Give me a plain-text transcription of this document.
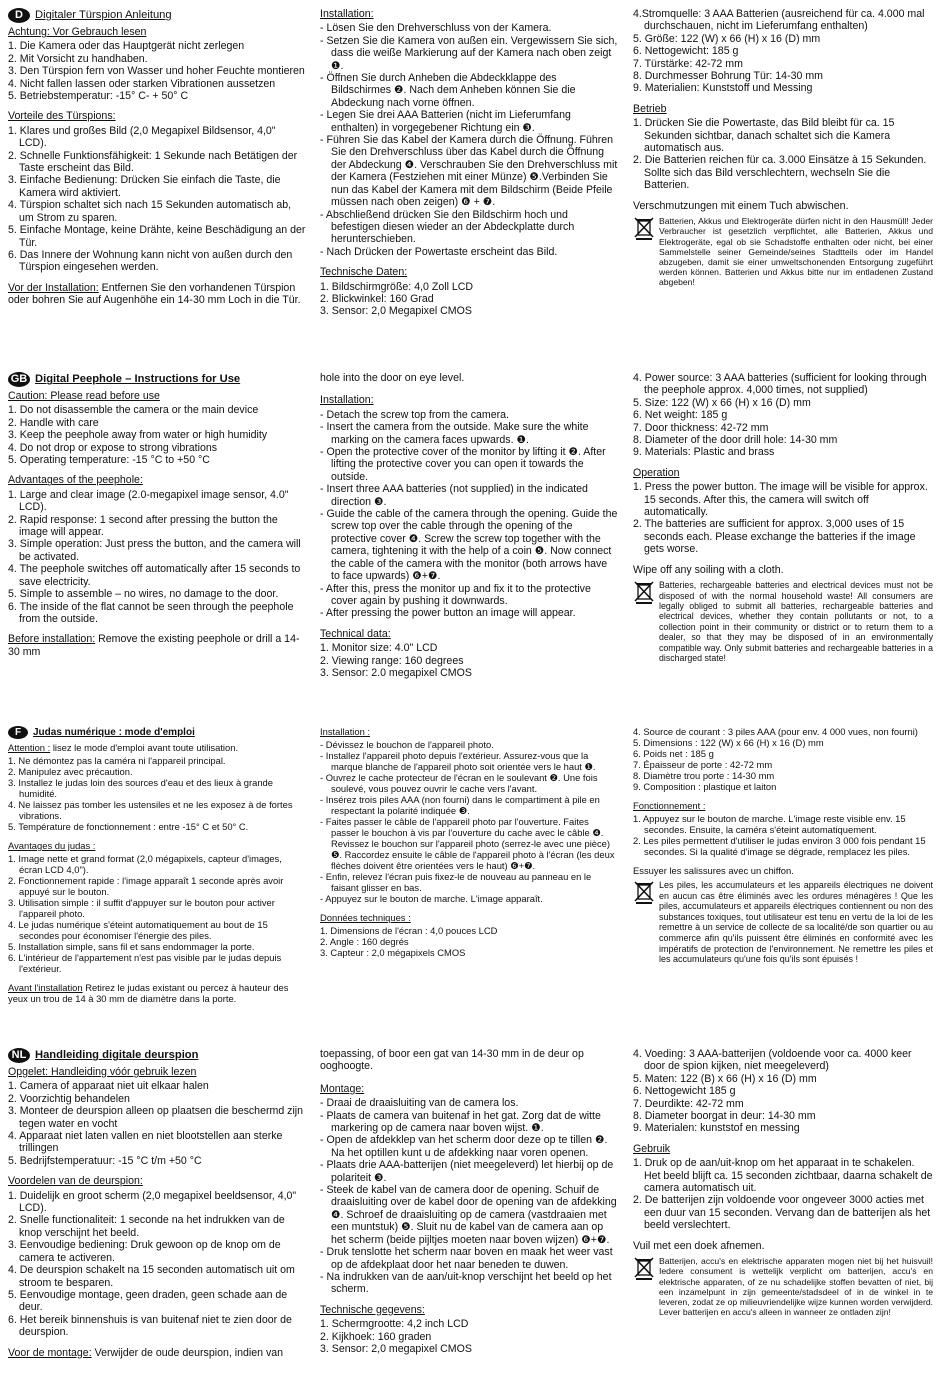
D	Digitaler Türspion Anleitung

Achtung: Vor Gebrauch lesen

1. Die Kamera oder das Hauptgerät nicht zerlegen
2. Mit Vorsicht zu handhaben.
3. Den Türspion fern von Wasser und hoher Feuchte montieren
4. Nicht fallen lassen oder starken Vibrationen aussetzen
5. Betriebstemperatur: -15° C- + 50° C

Vorteile des Türspions:

1. Klares und großes Bild (2,0 Megapixel Bildsensor, 4,0" LCD).
2. Schnelle Funktionsfähigkeit: 1 Sekunde nach Betätigen der Taste erscheint das Bild.
3. Einfache Bedienung: Drücken Sie einfach die Taste, die Kamera wird aktiviert.
4. Türspion schaltet sich nach 15 Sekunden automatisch ab, um Strom zu sparen.
5. Einfache Montage, keine Drähte, keine Beschädigung an der Tür.
6. Das Innere der Wohnung kann nicht von außen durch den Türspion eingesehen werden.

Vor der Installation: Entfernen Sie den vorhandenen Türspion oder bohren Sie auf Augenhöhe ein 14-30 mm Loch in die Tür.

Installation:

- Lösen Sie den Drehverschluss von der Kamera.
- Setzen Sie die Kamera von außen ein. Vergewissern Sie sich, dass die weiße Markierung auf der Kamera nach oben zeigt ❶.
- Öffnen Sie durch Anheben die Abdeckklappe des Bildschirmes ❷. Nach dem Anheben können Sie die Abdeckung nach vorne öffnen.
- Legen Sie drei AAA Batterien (nicht im Lieferumfang enthalten) in vorgegebener Richtung ein ❸.
- Führen Sie das Kabel der Kamera durch die Öffnung. Führen Sie den Drehverschluss über das Kabel durch die Öffnung der Abdeckung ❹. Verschrauben Sie den Drehverschluss mit der Kamera (Festziehen mit einer Münze) ❺.Verbinden Sie nun das Kabel der Kamera mit dem Bildschirm (Beide Pfeile müssen nach oben zeigen) ❻ + ❼.
- Abschließend drücken Sie den Bildschirm hoch und befestigen diesen wieder an der Abdeckplatte durch herunterschieben.
- Nach Drücken der Powertaste erscheint das Bild.

Technische Daten:

1. Bildschirmgröße: 4,0 Zoll LCD
2. Blickwinkel: 160 Grad
3. Sensor: 2,0 Megapixel CMOS
4.Stromquelle: 3 AAA Batterien (ausreichend für ca. 4.000 mal durchschauen, nicht im Lieferumfang enthalten)
5. Größe: 122 (W) x 66 (H) x 16 (D) mm
6. Nettogewicht: 185 g
7. Türstärke: 42-72 mm
8. Durchmesser Bohrung Tür: 14-30 mm
9. Materialien: Kunststoff und Messing

Betrieb

1. Drücken Sie die Powertaste, das Bild bleibt für ca. 15 Sekunden sichtbar, danach schaltet sich die Kamera automatisch aus.
2. Die Batterien reichen für ca. 3.000 Einsätze à 15 Sekunden. Sollte sich das Bild verschlechtern, wechseln Sie die Batterien.

Verschmutzungen mit einem Tuch abwischen.

Batterien, Akkus und Elektrogeräte dürfen nicht in den Hausmüll! Jeder Verbraucher ist gesetzlich verpflichtet, alle Batterien, Akkus und Elektrogeräte, egal ob sie Schadstoffe enthalten oder nicht, bei einer Sammelstelle seiner Gemeinde/seines Stadtteils oder im Handel abzugeben, damit sie einer umweltschonenden Entsorgung zugeführt werden können. Batterien und Akkus bitte nur im entladenen Zustand abgeben!
GB Digital Peephole – Instructions for Use

Caution: Please read before use

1. Do not disassemble the camera or the main device
2. Handle with care
3. Keep the peephole away from water or high humidity
4. Do not drop or expose to strong vibrations
5. Operating temperature: -15 °C to +50 °C

Advantages of the peephole:

1. Large and clear image (2.0-megapixel image sensor, 4.0" LCD).
2. Rapid response: 1 second after pressing the button the image will appear.
3. Simple operation: Just press the button, and the camera will be activated.
4. The peephole switches off automatically after 15 seconds to save electricity.
5. Simple to assemble – no wires, no damage to the door.
6. The inside of the flat cannot be seen through the peephole from the outside.

Before installation: Remove the existing peephole or drill a 14-30 mm

hole into the door on eye level.

Installation:

- Detach the screw top from the camera.
- Insert the camera from the outside. Make sure the white marking on the camera faces upwards. ❶.
- Open the protective cover of the monitor by lifting it ❷. After lifting the protective cover you can open it towards the outside.
- Insert three AAA batteries (not supplied) in the indicated direction ❸.
- Guide the cable of the camera through the opening. Guide the screw top over the cable through the opening of the protective cover ❹. Screw the screw top together with the camera, tightening it with the help of a coin ❺. Now connect the cable of the camera with the monitor (both arrows have to face upwards) ❻+❼.
- After this, press the monitor up and fix it to the protective cover again by pushing it downwards.
- After pressing the power button an image will appear.

Technical data:

1. Monitor size: 4.0" LCD
2. Viewing range: 160 degrees
3. Sensor: 2.0 megapixel CMOS
4. Power source: 3 AAA batteries (sufficient for looking through the peephole approx. 4,000 times, not supplied)
5. Size: 122 (W) x 66 (H) x 16 (D) mm
6. Net weight: 185 g
7. Door thickness: 42-72 mm
8. Diameter of the door drill hole: 14-30 mm
9. Materials: Plastic and brass

Operation

1. Press the power button. The image will be visible for approx. 15 seconds. After this, the camera will switch off automatically.
2. The batteries are sufficient for approx. 3,000 uses of 15 seconds each. Please exchange the batteries if the image gets worse.

Wipe off any soiling with a cloth.

Batteries, rechargeable batteries and electrical devices must not be disposed of with the normal household waste! All consumers are legally obliged to submit all batteries, rechargeable batteries and electrical devices, whether they contain pollutants or not, to a collection point in their community or district or to return them to a dealer, so that they may be disposed of in an environmentally compatible way. Only submit batteries and rechargeable batteries in a discharged state!
F	Judas numérique : mode d'emploi

Attention : lisez le mode d'emploi avant toute utilisation.

1. Ne démontez pas la caméra ni l'appareil principal.
2. Manipulez avec précaution.
3. Installez le judas loin des sources d'eau et des lieux à grande humidité.
4. Ne laissez pas tomber les ustensiles et ne les exposez à de fortes vibrations.
5. Température de fonctionnement : entre -15° C et 50° C.

Avantages du judas :

1. Image nette et grand format (2,0 mégapixels, capteur d'images, écran LCD 4,0").
2. Fonctionnement rapide : l'image apparaît 1 seconde après avoir appuyé sur le bouton.
3. Utilisation simple : il suffit d'appuyer sur le bouton pour activer l'appareil photo.
4. Le judas numérique s'éteint automatiquement au bout de 15 secondes pour économiser l'énergie des piles.
5. Installation simple, sans fil et sans endommager la porte.
6. L'intérieur de l'appartement n'est pas visible par le judas depuis l'extérieur.

Avant l'installation Retirez le judas existant ou percez à hauteur des yeux un trou de 14 à 30 mm de diamètre dans la porte.

Installation :

- Dévissez le bouchon de l'appareil photo.
- Installez l'appareil photo depuis l'extérieur. Assurez-vous que la marque blanche de l'appareil photo soit orientée vers le haut ❶.
- Ouvrez le cache protecteur de l'écran en le soulevant ❷. Une fois soulevé, vous pouvez ouvrir le cache vers l'avant.
- Insérez trois piles AAA (non fourni) dans le compartiment à pile en respectant la polarité indiquée ❸.
- Faites passer le câble de l'appareil photo par l'ouverture. Faites passer le bouchon à vis par l'ouverture du cache avec le câble ❹. Revissez le bouchon sur l'appareil photo (serrez-le avec une pièce) ❺. Raccordez ensuite le câble de l'appareil photo à l'écran (les deux flèches doivent être orientées vers le haut) ❻+❼.
- Enfin, relevez l'écran puis fixez-le de nouveau au panneau en le faisant glisser en bas.
- Appuyez sur le bouton de marche. L'image apparaît.

Données techniques :

1. Dimensions de l'écran : 4,0 pouces LCD
2. Angle : 160 degrés
3. Capteur : 2,0 mégapixels CMOS
4. Source de courant : 3 piles AAA (pour env. 4 000 vues, non fourni)
5. Dimensions : 122 (W) x 66 (H) x 16 (D) mm
6. Poids net : 185 g
7. Épaisseur de porte : 42-72 mm
8. Diamètre trou porte : 14-30 mm
9. Composition : plastique et laiton

Fonctionnement :

1. Appuyez sur le bouton de marche. L'image reste visible env. 15 secondes. Ensuite, la caméra s'éteint automatiquement.
2. Les piles permettent d'utiliser le judas environ 3 000 fois pendant 15 secondes. Si la qualité d'image se dégrade, remplacez les piles.

Essuyer les salissures avec un chiffon.

Les piles, les accumulateurs et les appareils électriques ne doivent en aucun cas être éliminés avec les ordures ménagères ! Que les piles, accumulateurs et appareils électriques contiennent ou non des substances toxiques, tout utilisateur est tenu en vertu de la loi de les remettre à un service de collecte de sa localité/de son quartier ou au commerce afin qu'ils puissent être éliminés en conformité avec les impératifs de protection de l'environnement. Ne remettre les piles et les accumulateurs qu'une fois qu'ils sont épuisés !
NL Handleiding digitale deurspion

Opgelet: Handleiding vóór gebruik lezen

1. Camera of apparaat niet uit elkaar halen
2. Voorzichtig behandelen
3. Monteer de deurspion alleen op plaatsen die beschermd zijn tegen water en vocht
4. Apparaat niet laten vallen en niet blootstellen aan sterke trillingen
5. Bedrijfstemperatuur: -15 °C t/m +50 °C

Voordelen van de deurspion:

1. Duidelijk en groot scherm (2,0 megapixel beeldsensor, 4,0" LCD).
2. Snelle functionaliteit: 1 seconde na het indrukken van de knop verschijnt het beeld.
3. Eenvoudige bediening: Druk gewoon op de knop om de camera te activeren.
4. De deurspion schakelt na 15 seconden automatisch uit om stroom te besparen.
5. Eenvoudige montage, geen draden, geen schade aan de deur.
6. Het bereik binnenshuis is van buitenaf niet te zien door de deurspion.

Voor de montage: Verwijder de oude deurspion, indien van

toepassing, of boor een gat van 14-30 mm in de deur op ooghoogte.

Montage:

- Draai de draaisluiting van de camera los.
- Plaats de camera van buitenaf in het gat. Zorg dat de witte markering op de camera naar boven wijst. ❶.
- Open de afdekklep van het scherm door deze op te tillen ❷. Na het optillen kunt u de afdekking naar voren openen.
- Plaats drie AAA-batterijen (niet meegeleverd) let hierbij op de polariteit ❸.
- Steek de kabel van de camera door de opening. Schuif de draaisluiting over de kabel door de opening van de afdekking ❹. Schroef de draaisluiting op de camera (vastdraaien met een muntstuk) ❺. Sluit nu de kabel van de camera aan op het scherm (beide pijltjes moeten naar boven wijzen) ❻+❼.
- Druk tenslotte het scherm naar boven en maak het weer vast op de afdekplaat door het naar beneden te duwen.
- Na indrukken van de aan/uit-knop verschijnt het beeld op het scherm.

Technische gegevens:

1. Schermgrootte: 4,2 inch LCD
2. Kijkhoek: 160 graden
3. Sensor: 2,0 megapixel CMOS
4. Voeding: 3 AAA-batterijen (voldoende voor ca. 4000 keer door de spion kijken, niet meegeleverd)
5. Maten: 122 (B) x 66 (H) x 16 (D) mm
6. Nettogewicht 185 g
7. Deurdikte: 42-72 mm
8. Diameter boorgat in deur: 14-30 mm
9. Materialen: kunststof en messing

Gebruik

1. Druk op de aan/uit-knop om het apparaat in te schakelen. Het beeld blijft ca. 15 seconden zichtbaar, daarna schakelt de camera automatisch uit.
2. De batterijen zijn voldoende voor ongeveer 3000 acties met een duur van 15 seconden. Vervang dan de batterijen als het beeld verslechtert.

Vuil met een doek afnemen.

Batterijen, accu's en elektrische apparaten mogen niet bij het huisvuil! Iedere consument is wettelijk verplicht om batterijen, accu's en elektrische apparaten, of ze nu schadelijke stoffen bevatten of niet, bij een inzamelpunt in zijn gemeente/stadsdeel of in de winkel in te leveren, zodat ze op milieuvriendelijke wijze kunnen worden verwijderd. Lever batterijen en accu's alleen in wanneer ze ontladen zijn!
